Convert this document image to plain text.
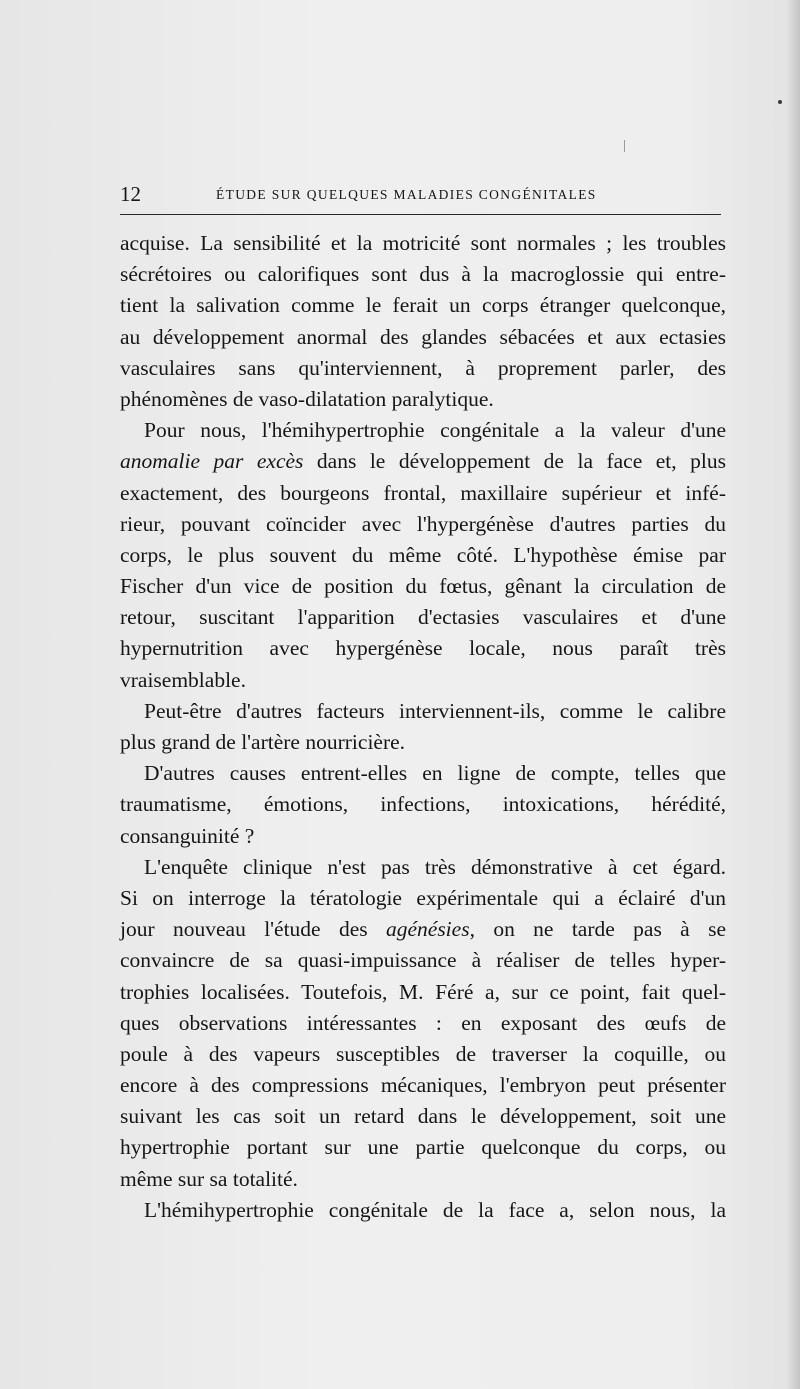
12	ÉTUDE SUR QUELQUES MALADIES CONGÉNITALES
acquise. La sensibilité et la motricité sont normales ; les troubles
sécrétoires ou calorifiques sont dus à la macroglossie qui entre-
tient la salivation comme le ferait un corps étranger quelconque,
au développement anormal des glandes sébacées et aux ectasies
vasculaires sans qu'interviennent, à proprement parler, des
phénomènes de vaso-dilatation paralytique.
Pour nous, l'hémihypertrophie congénitale a la valeur d'une
anomalie par excès dans le développement de la face et, plus
exactement, des bourgeons frontal, maxillaire supérieur et infé-
rieur, pouvant coïncider avec l'hypergénèse d'autres parties du
corps, le plus souvent du même côté. L'hypothèse émise par
Fischer d'un vice de position du fœtus, gênant la circulation de
retour, suscitant l'apparition d'ectasies vasculaires et d'une
hypernutrition avec hypergénèse locale, nous paraît très
vraisemblable.
Peut-être d'autres facteurs interviennent-ils, comme le calibre
plus grand de l'artère nourricière.
D'autres causes entrent-elles en ligne de compte, telles que
traumatisme, émotions, infections, intoxications, hérédité,
consanguinité ?
L'enquête clinique n'est pas très démonstrative à cet égard.
Si on interroge la tératologie expérimentale qui a éclairé d'un
jour nouveau l'étude des agénésies, on ne tarde pas à se
convaincre de sa quasi-impuissance à réaliser de telles hyper-
trophies localisées. Toutefois, M. Féré a, sur ce point, fait quel-
ques observations intéressantes : en exposant des œufs de
poule à des vapeurs susceptibles de traverser la coquille, ou
encore à des compressions mécaniques, l'embryon peut présenter
suivant les cas soit un retard dans le développement, soit une
hypertrophie portant sur une partie quelconque du corps, ou
même sur sa totalité.
L'hémihypertrophie congénitale de la face a, selon nous, la
